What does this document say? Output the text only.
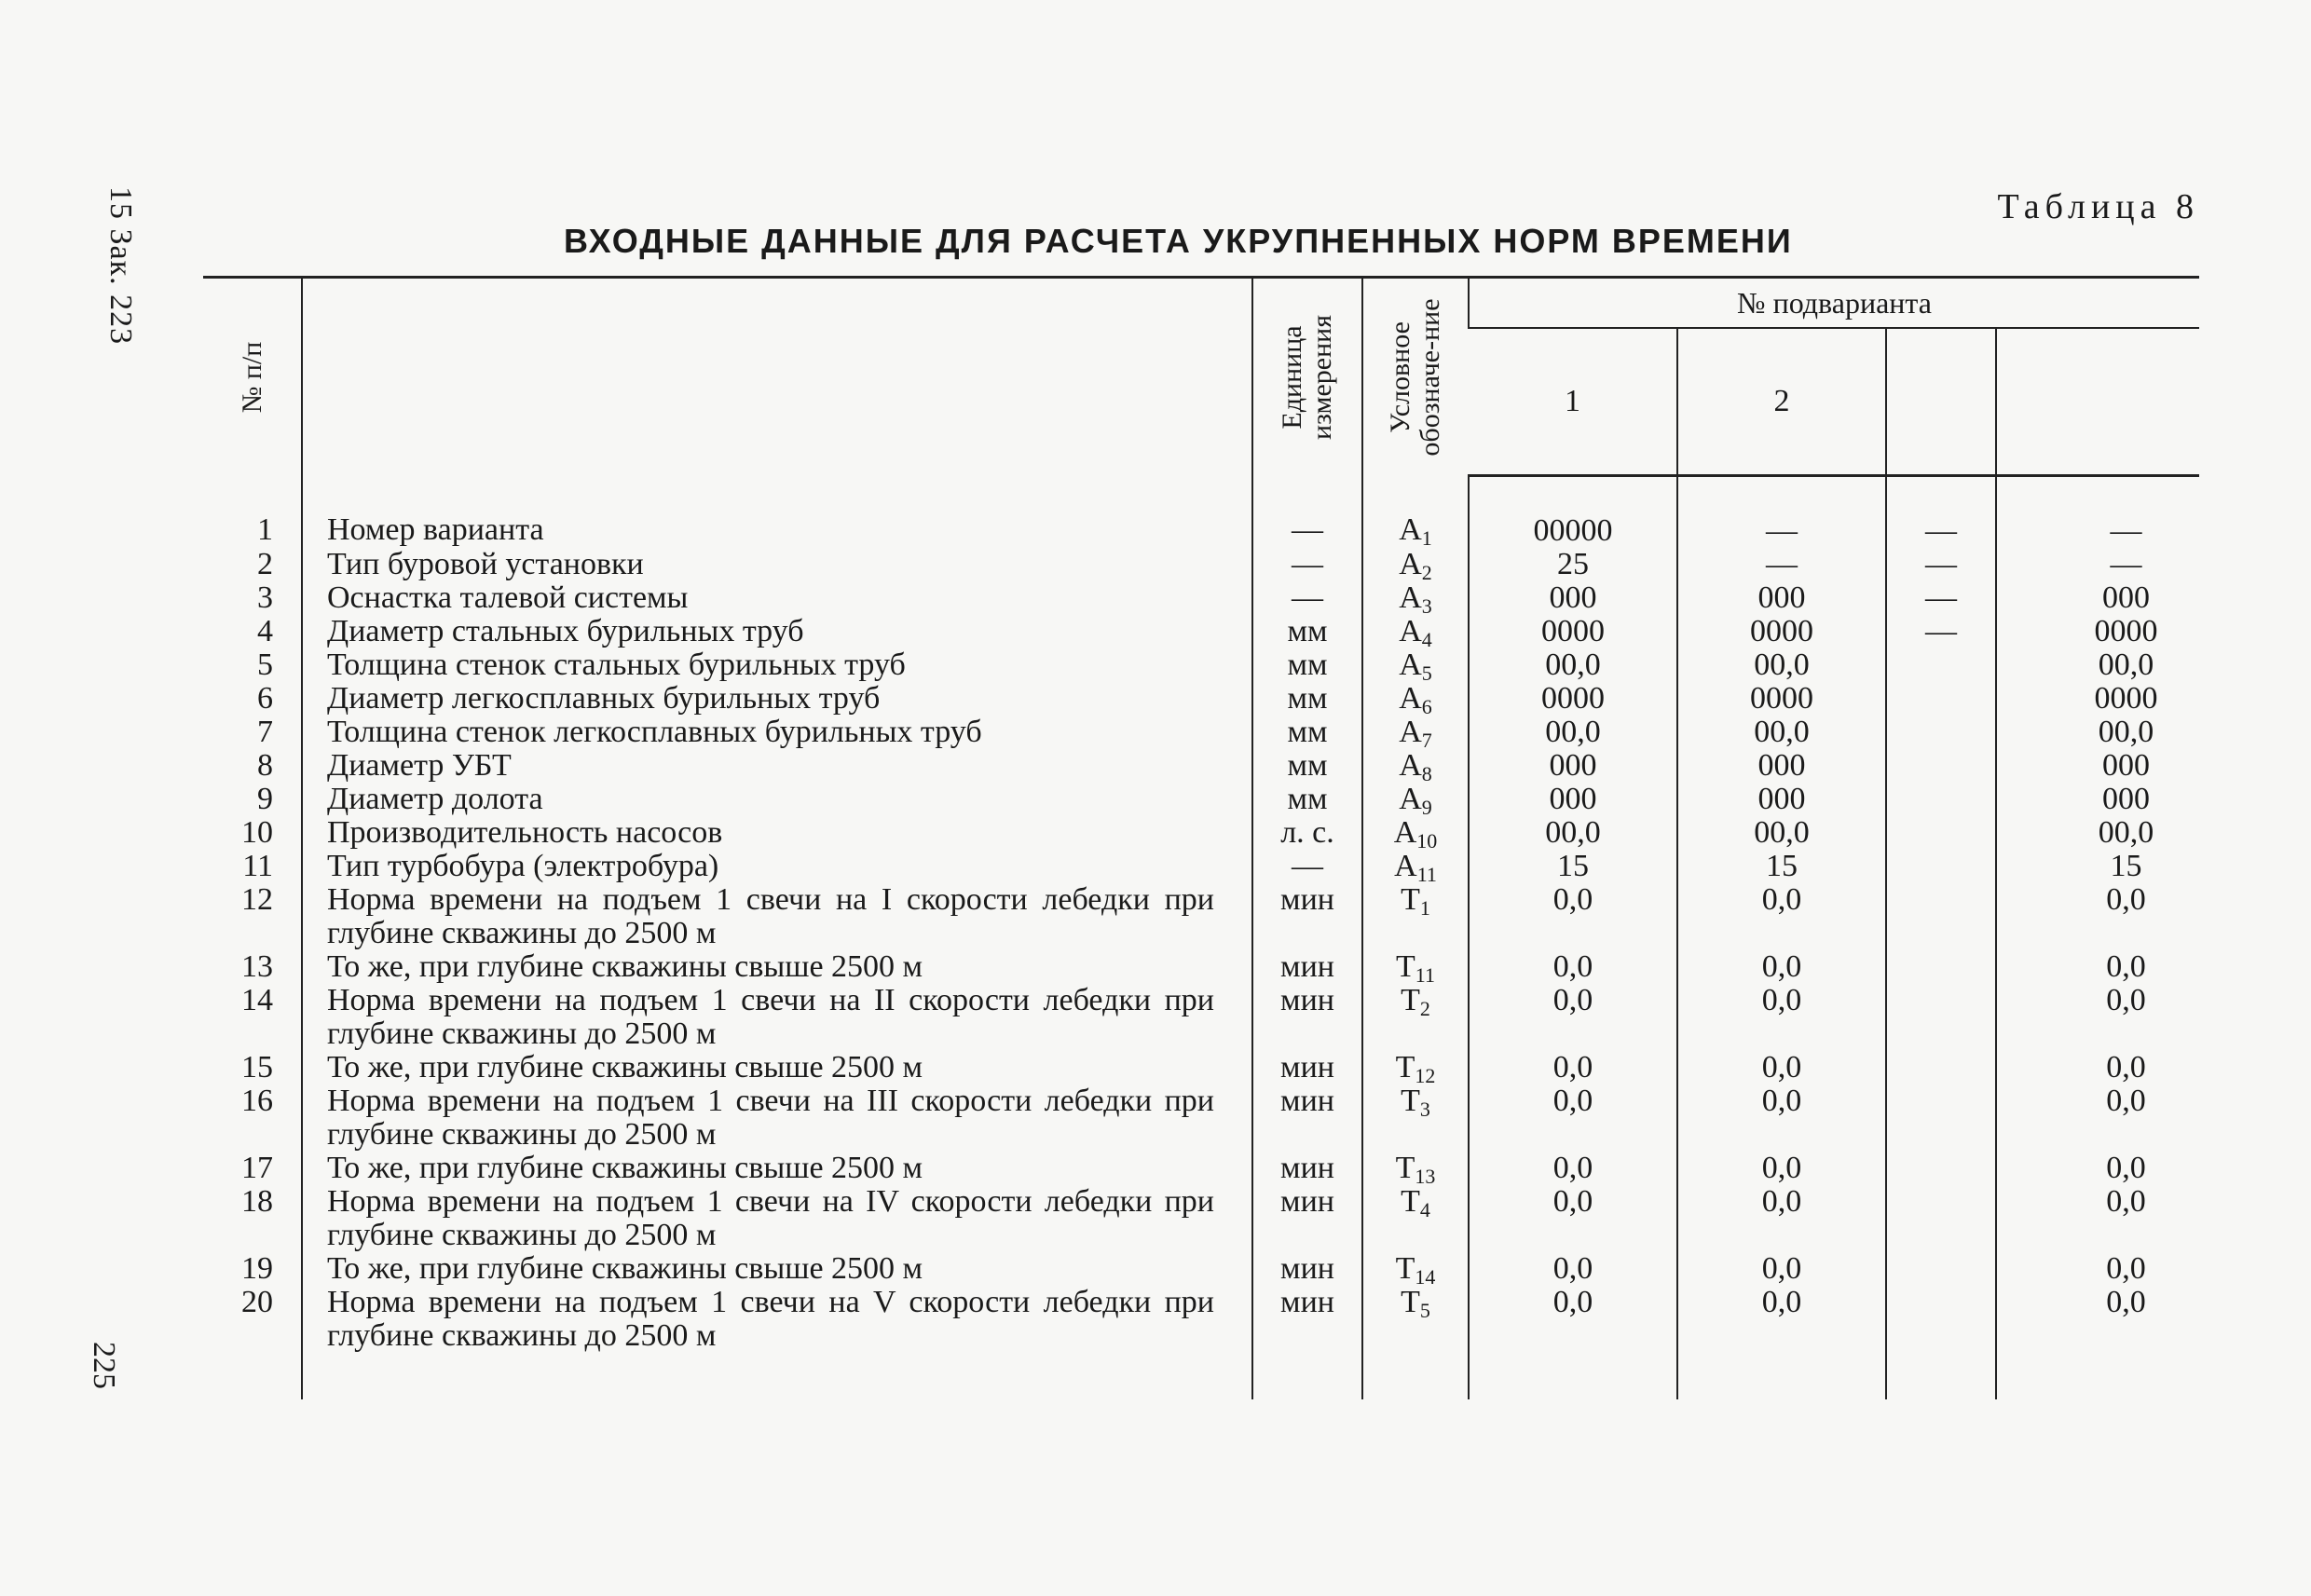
15 Зак. 223
225
Таблица 8
ВХОДНЫЕ ДАННЫЕ ДЛЯ РАСЧЕТА УКРУПНЕННЫХ НОРМ ВРЕМЕНИ
№ п/п		Единица измерения	Условное обозначе-ние	№ подварианта			
				1	2		
1	Номер варианта	—	$A_1$	00000	—	—	—
2	Тип буровой установки	—	$A_2$	25	—	—	—
3	Оснастка талевой системы	—	$A_3$	000	000	—	000
4	Диаметр стальных бурильных труб	мм	$A_4$	0000	0000	—	0000
5	Толщина стенок стальных бурильных труб	мм	$A_5$	00,0	00,0		00,0
6	Диаметр легкосплавных бурильных труб	мм	$A_6$	0000	0000		0000
7	Толщина стенок легкосплавных бурильных труб	мм	$A_7$	00,0	00,0		00,0
8	Диаметр УБТ	мм	$A_8$	000	000		000
9	Диаметр долота	мм	$A_9$	000	000		000
10	Производительность насосов	л. с.	$A_{10}$	00,0	00,0		00,0
11	Тип турбобура (электробура)	—	$A_{11}$	15	15		15
12	Норма времени на подъем 1 свечи на I скорости лебедки при глубине скважины до 2500 м	мин	$T_1$	0,0	0,0		0,0
13	То же, при глубине скважины свыше 2500 м	мин	$T_{11}$	0,0	0,0		0,0
14	Норма времени на подъем 1 свечи на II скорости лебедки при глубине скважины до 2500 м	мин	$T_2$	0,0	0,0		0,0
15	То же, при глубине скважины свыше 2500 м	мин	$T_{12}$	0,0	0,0		0,0
16	Норма времени на подъем 1 свечи на III скорости лебедки при глубине скважины до 2500 м	мин	$T_3$	0,0	0,0		0,0
17	То же, при глубине скважины свыше 2500 м	мин	$T_{13}$	0,0	0,0		0,0
18	Норма времени на подъем 1 свечи на IV скорости лебедки при глубине скважины до 2500 м	мин	$T_4$	0,0	0,0		0,0
19	То же, при глубине скважины свыше 2500 м	мин	$T_{14}$	0,0	0,0		0,0
20	Норма времени на подъем 1 свечи на V скорости лебедки при глубине скважины до 2500 м	мин	$T_5$	0,0	0,0		0,0
